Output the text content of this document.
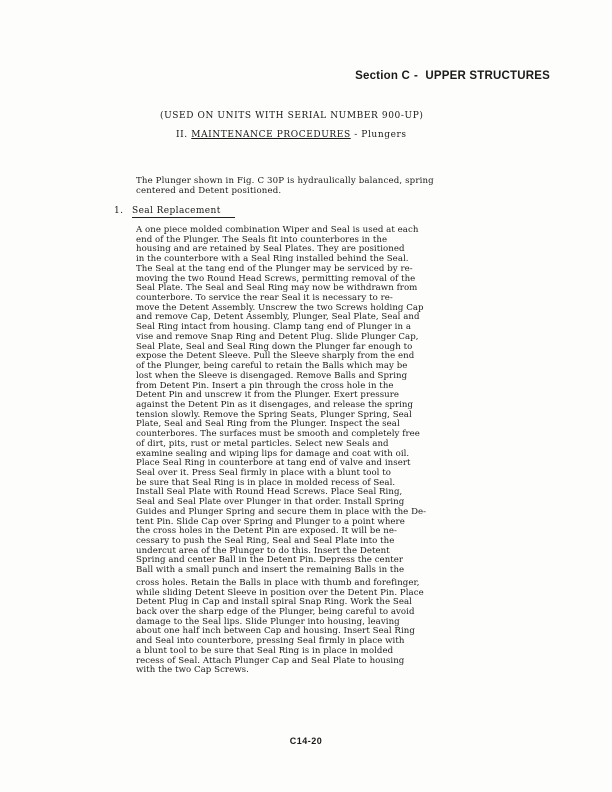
Section C - UPPER STRUCTURES
(USED ON UNITS WITH SERIAL NUMBER 900-UP)
II. MAINTENANCE PROCEDURES - Plungers
The Plunger shown in Fig. C 30P is hydraulically balanced, spring
centered and Detent positioned.
1. Seal Replacement
A one piece molded combination Wiper and Seal is used at each
end of the Plunger. The Seals fit into counterbores in the
housing and are retained by Seal Plates. They are positioned
in the counterbore with a Seal Ring installed behind the Seal.
The Seal at the tang end of the Plunger may be serviced by re-
moving the two Round Head Screws, permitting removal of the
Seal Plate. The Seal and Seal Ring may now be withdrawn from
counterbore. To service the rear Seal it is necessary to re-
move the Detent Assembly. Unscrew the two Screws holding Cap
and remove Cap, Detent Assembly, Plunger, Seal Plate, Seal and
Seal Ring intact from housing. Clamp tang end of Plunger in a
vise and remove Snap Ring and Detent Plug. Slide Plunger Cap,
Seal Plate, Seal and Seal Ring down the Plunger far enough to
expose the Detent Sleeve. Pull the Sleeve sharply from the end
of the Plunger, being careful to retain the Balls which may be
lost when the Sleeve is disengaged. Remove Balls and Spring
from Detent Pin. Insert a pin through the cross hole in the
Detent Pin and unscrew it from the Plunger. Exert pressure
against the Detent Pin as it disengages, and release the spring
tension slowly. Remove the Spring Seats, Plunger Spring, Seal
Plate, Seal and Seal Ring from the Plunger. Inspect the seal
counterbores. The surfaces must be smooth and completely free
of dirt, pits, rust or metal particles. Select new Seals and
examine sealing and wiping lips for damage and coat with oil.
Place Seal Ring in counterbore at tang end of valve and insert
Seal over it. Press Seal firmly in place with a blunt tool to
be sure that Seal Ring is in place in molded recess of Seal.
Install Seal Plate with Round Head Screws. Place Seal Ring,
Seal and Seal Plate over Plunger in that order. Install Spring
Guides and Plunger Spring and secure them in place with the De-
tent Pin. Slide Cap over Spring and Plunger to a point where
the cross holes in the Detent Pin are exposed. It will be ne-
cessary to push the Seal Ring, Seal and Seal Plate into the
undercut area of the Plunger to do this. Insert the Detent
Spring and center Ball in the Detent Pin. Depress the center
Ball with a small punch and insert the remaining Balls in the
cross holes. Retain the Balls in place with thumb and forefinger,
while sliding Detent Sleeve in position over the Detent Pin. Place
Detent Plug in Cap and install spiral Snap Ring. Work the Seal
back over the sharp edge of the Plunger, being careful to avoid
damage to the Seal lips. Slide Plunger into housing, leaving
about one half inch between Cap and housing. Insert Seal Ring
and Seal into counterbore, pressing Seal firmly in place with
a blunt tool to be sure that Seal Ring is in place in molded
recess of Seal. Attach Plunger Cap and Seal Plate to housing
with the two Cap Screws.
C14-20
